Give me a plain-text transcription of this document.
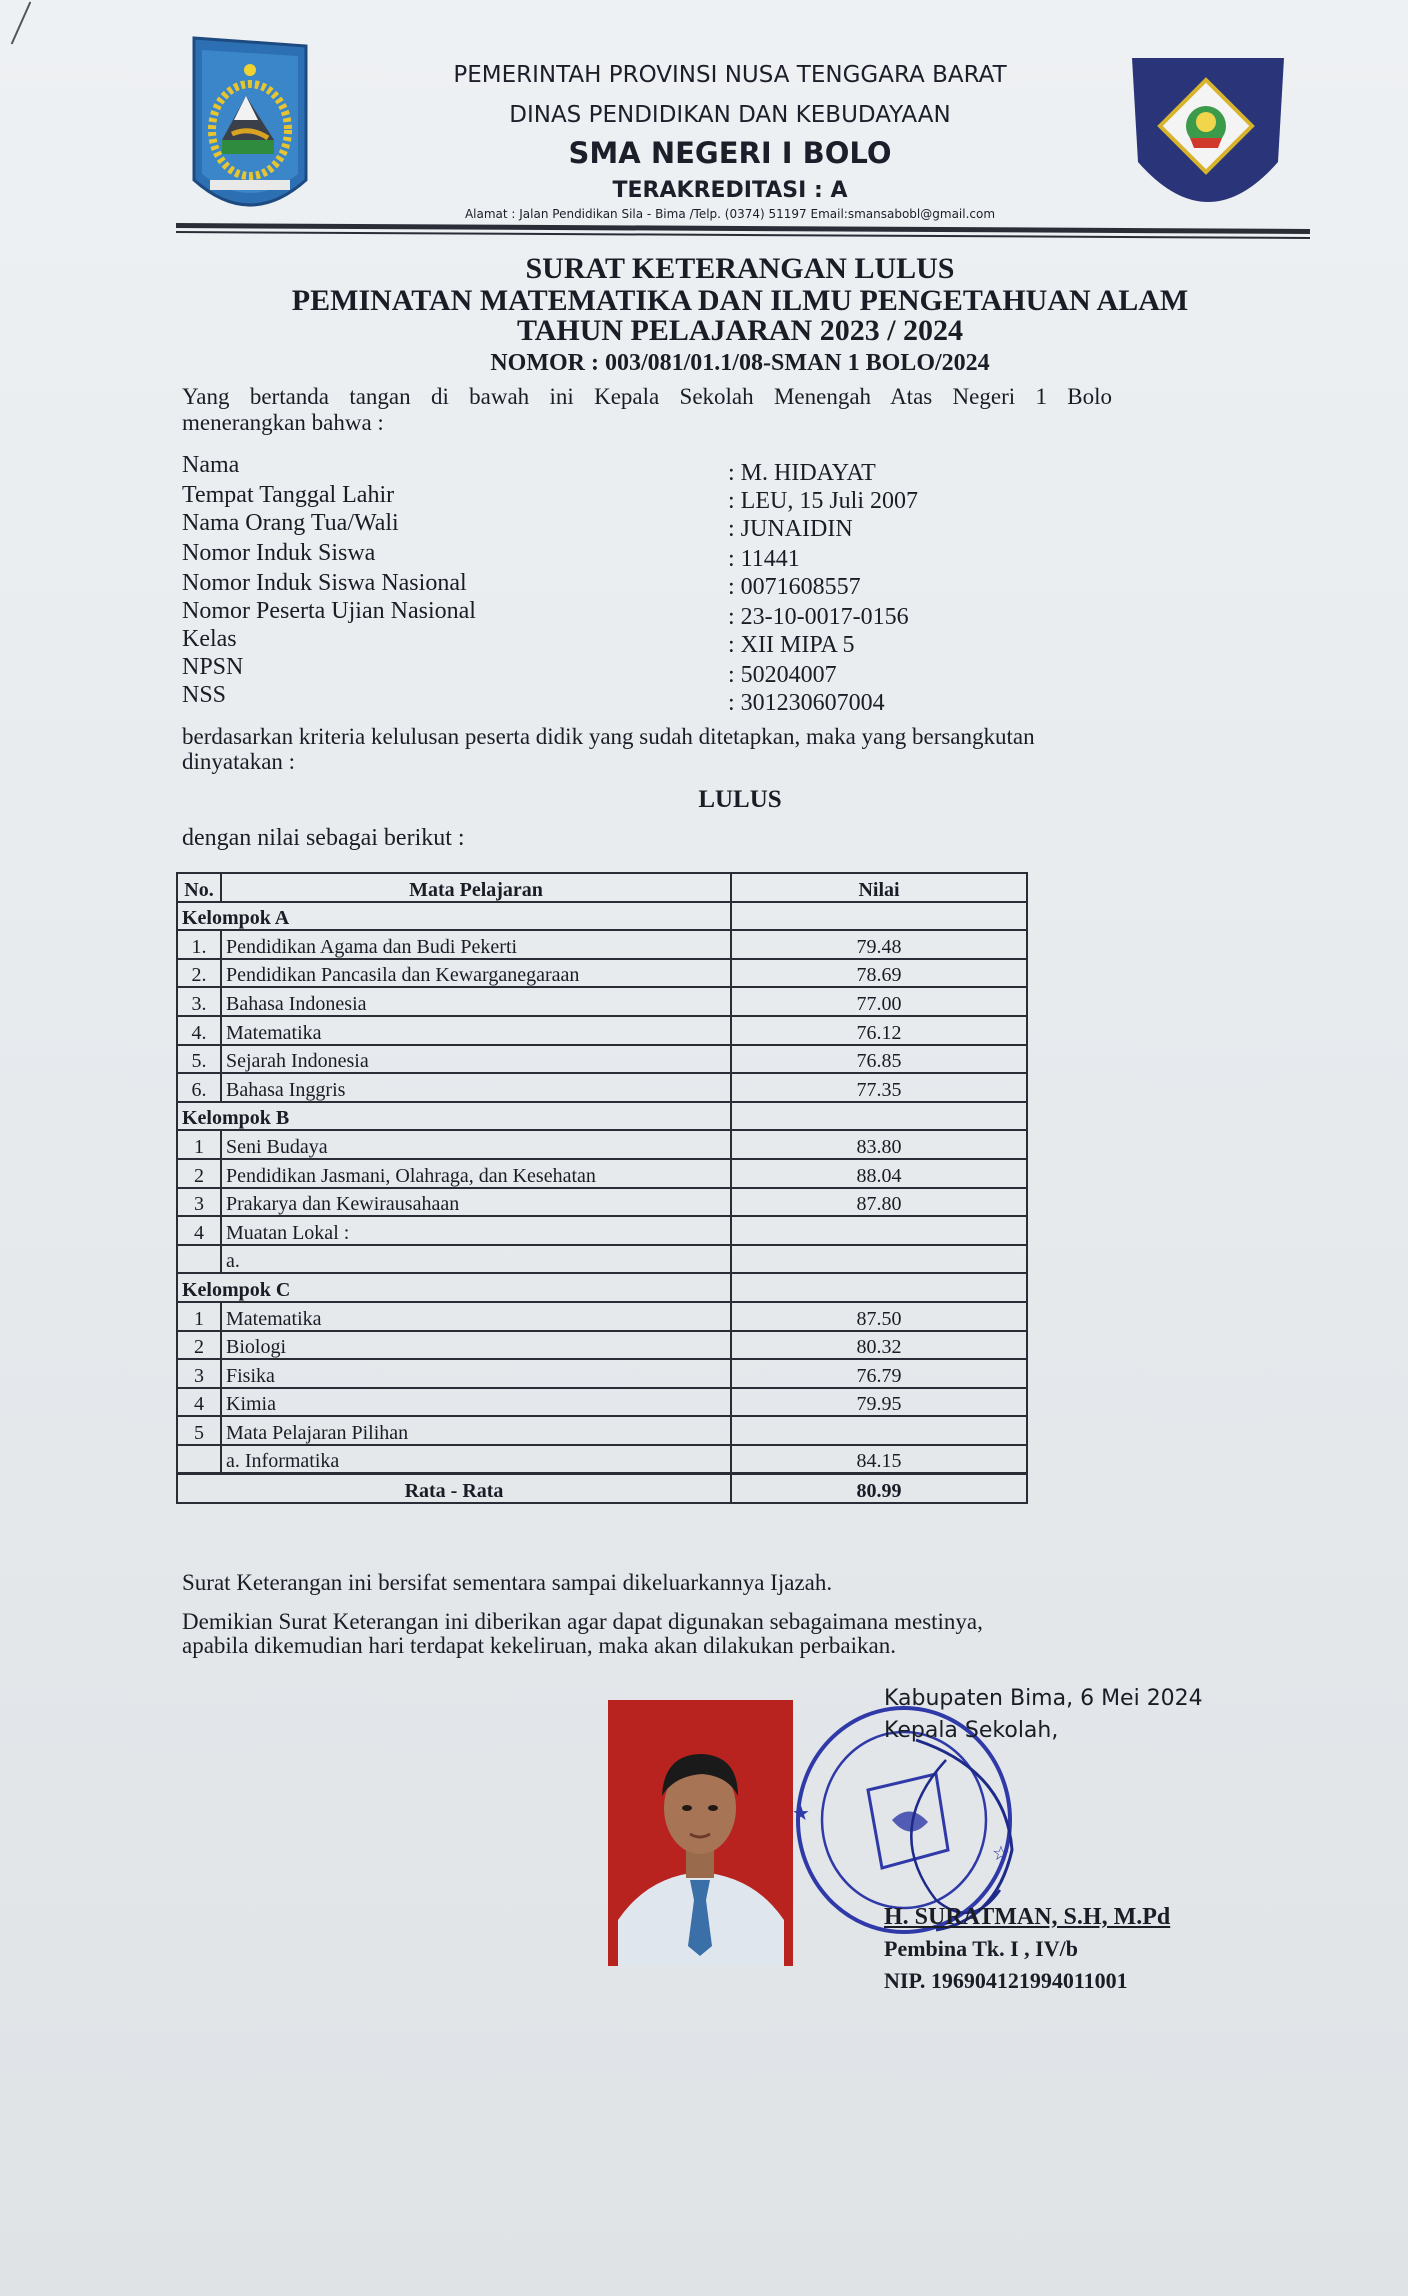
PEMERINTAH PROVINSI NUSA TENGGARA BARAT
DINAS PENDIDIKAN DAN KEBUDAYAAN
SMA NEGERI I BOLO
TERAKREDITASI : A
Alamat : Jalan Pendidikan Sila - Bima /Telp. (0374) 51197 Email:smansabobl@gmail.com
SURAT KETERANGAN LULUS
PEMINATAN MATEMATIKA DAN ILMU PENGETAHUAN ALAM
TAHUN PELAJARAN 2023 / 2024
NOMOR : 003/081/01.1/08-SMAN 1 BOLO/2024
Yang bertanda tangan di bawah ini Kepala Sekolah Menengah Atas Negeri 1 Bolo
menerangkan bahwa :
Nama	: M. HIDAYAT
Tempat Tanggal Lahir	: LEU, 15 Juli 2007
Nama Orang Tua/Wali	: JUNAIDIN
Nomor Induk Siswa	: 11441
Nomor Induk Siswa Nasional	: 0071608557
Nomor Peserta Ujian Nasional	: 23-10-0017-0156
Kelas	: XII MIPA 5
NPSN	: 50204007
NSS	: 301230607004
berdasarkan kriteria kelulusan peserta didik yang sudah ditetapkan, maka yang bersangkutan
dinyatakan :
LULUS
dengan nilai sebagai berikut :
No.	Mata Pelajaran	Nilai
Kelompok A		
1.	Pendidikan Agama dan Budi Pekerti	79.48
2.	Pendidikan Pancasila dan Kewarganegaraan	78.69
3.	Bahasa Indonesia	77.00
4.	Matematika	76.12
5.	Sejarah Indonesia	76.85
6.	Bahasa Inggris	77.35
Kelompok B		
1	Seni Budaya	83.80
2	Pendidikan Jasmani, Olahraga, dan Kesehatan	88.04
3	Prakarya dan Kewirausahaan	87.80
4	Muatan Lokal :	
	a.	
Kelompok C		
1	Matematika	87.50
2	Biologi	80.32
3	Fisika	76.79
4	Kimia	79.95
5	Mata Pelajaran Pilihan	
	a. Informatika	84.15
Rata - Rata		80.99
Surat Keterangan ini bersifat sementara sampai dikeluarkannya Ijazah.
Demikian Surat Keterangan ini diberikan agar dapat digunakan sebagaimana mestinya,
apabila dikemudian hari terdapat kekeliruan, maka akan dilakukan perbaikan.
★
☆
Kabupaten Bima, 6 Mei 2024
Kepala Sekolah,
H. SURATMAN, S.H, M.Pd
Pembina Tk. I , IV/b
NIP. 196904121994011001
